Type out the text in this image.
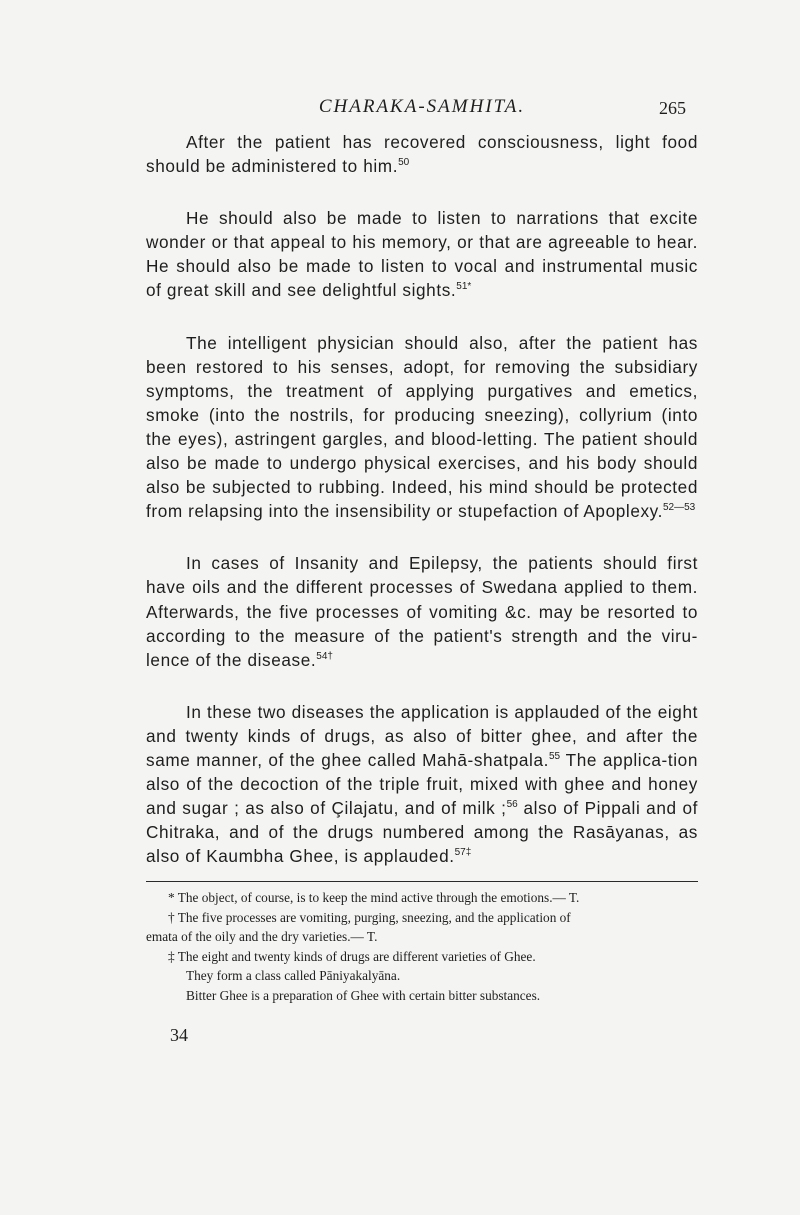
CHARAKA-SAMHITA.	265

After the patient has recovered consciousness, light food should be administered to him.$^{50}$

He should also be made to listen to narrations that excite wonder or that appeal to his memory, or that are agreeable to hear. He should also be made to listen to vocal and instrumental music of great skill and see delightful sights.$^{51*}$

The intelligent physician should also, after the patient has been restored to his senses, adopt, for removing the subsidiary symptoms, the treatment of applying purgatives and emetics, smoke (into the nostrils, for producing sneezing), collyrium (into the eyes), astringent gargles, and blood-letting. The patient should also be made to undergo physical exercises, and his body should also be subjected to rubbing. Indeed, his mind should be protected from relapsing into the insensibility or stupefaction of Apoplexy.$^{52—53}$

In cases of Insanity and Epilepsy, the patients should first have oils and the different processes of Swedana applied to them. Afterwards, the five processes of vomiting &c. may be resorted to according to the measure of the patient's strength and the viru-lence of the disease.$^{54\dagger}$

In these two diseases the application is applauded of the eight and twenty kinds of drugs, as also of bitter ghee, and after the same manner, of the ghee called Mahā-shatpala.$^{55}$ The applica-tion also of the decoction of the triple fruit, mixed with ghee and honey and sugar ; as also of Çilajatu, and of milk ;$^{56}$ also of Pippali and of Chitraka, and of the drugs numbered among the Rasāyanas, as also of Kaumbha Ghee, is applauded.$^{57\ddagger}$

* The object, of course, is to keep the mind active through the emotions.— T.

† The five processes are vomiting, purging, sneezing, and the application of

emata of the oily and the dry varieties.— T.

‡ The eight and twenty kinds of drugs are different varieties of Ghee.

They form a class called Pāniyakalyāna.

Bitter Ghee is a preparation of Ghee with certain bitter substances.

34
